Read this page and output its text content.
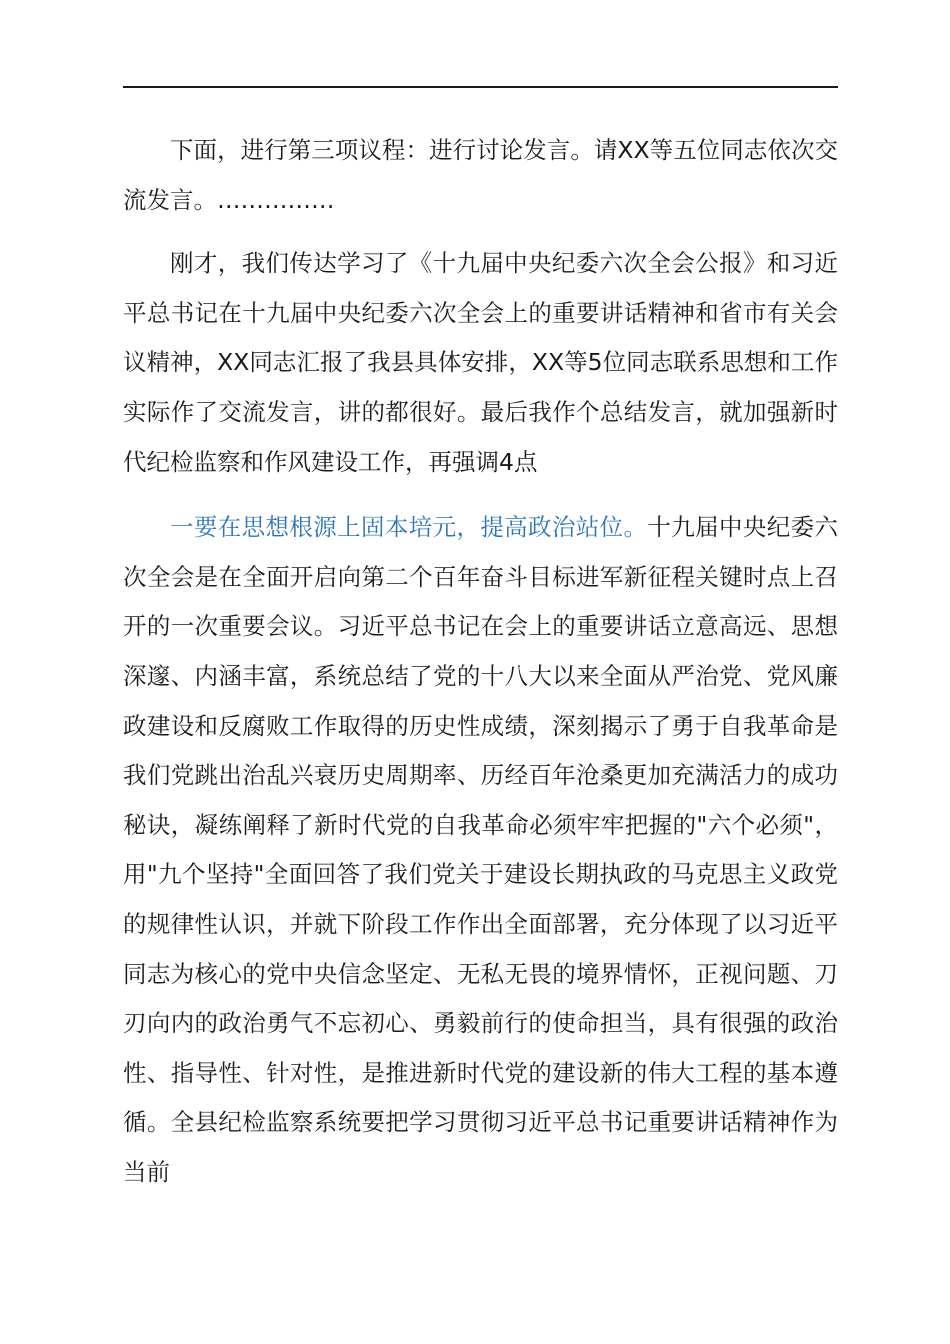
下面，进行第三项议程：进行讨论发言。请XX等五位同志依次交流发言。……………

刚才，我们传达学习了《十九届中央纪委六次全会公报》和习近平总书记在十九届中央纪委六次全会上的重要讲话精神和省市有关会议精神，XX同志汇报了我县具体安排，XX等5位同志联系思想和工作实际作了交流发言，讲的都很好。最后我作个总结发言，就加强新时代纪检监察和作风建设工作，再强调4点

一要在思想根源上固本培元，提高政治站位。十九届中央纪委六次全会是在全面开启向第二个百年奋斗目标进军新征程关键时点上召开的一次重要会议。习近平总书记在会上的重要讲话立意高远、思想深邃、内涵丰富，系统总结了党的十八大以来全面从严治党、党风廉政建设和反腐败工作取得的历史性成绩，深刻揭示了勇于自我革命是我们党跳出治乱兴衰历史周期率、历经百年沧桑更加充满活力的成功秘诀，凝练阐释了新时代党的自我革命必须牢牢把握的"六个必须"，用"九个坚持"全面回答了我们党关于建设长期执政的马克思主义政党的规律性认识，并就下阶段工作作出全面部署，充分体现了以习近平同志为核心的党中央信念坚定、无私无畏的境界情怀，正视问题、刀刃向内的政治勇气不忘初心、勇毅前行的使命担当，具有很强的政治性、指导性、针对性，是推进新时代党的建设新的伟大工程的基本遵循。全县纪检监察系统要把学习贯彻习近平总书记重要讲话精神作为当前
